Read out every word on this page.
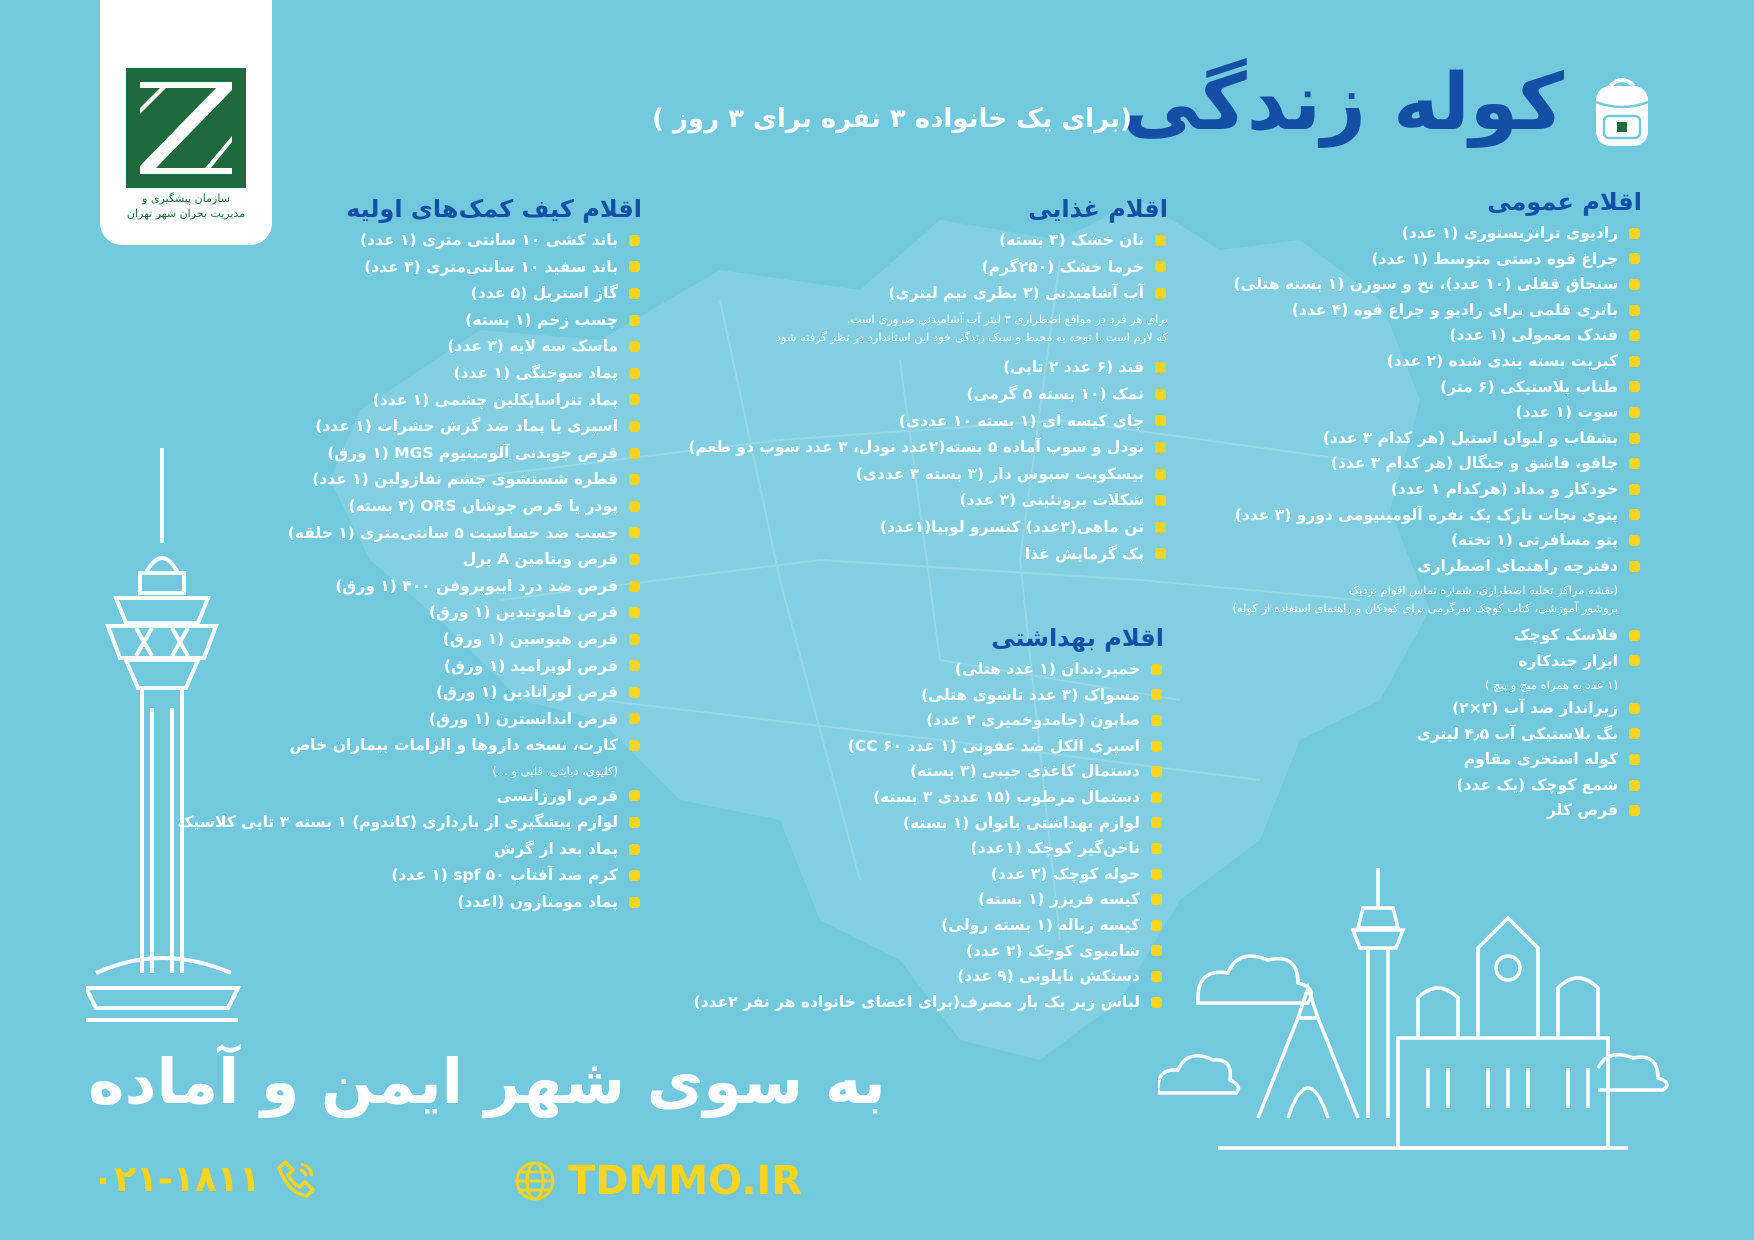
سازمان پیشگیری و
مدیریت بحران شهر تهران
کوله زندگی
(برای یک خانواده ۳ نفره برای ۳ روز )
اقلام عمومی
رادیوی ترانزیستوری (۱ عدد)
چراغ قوه دستی متوسط (۱ عدد)
سنجاق قفلی (۱۰ عدد)، نخ و سوزن (۱ بسته هتلی)
باتری قلمی برای رادیو و چراغ قوه (۴ عدد)
فندک معمولی (۱ عدد)
کبریت بسته بندی شده (۲ عدد)
طناب پلاستیکی (۶ متر)
سوت (۱ عدد)
بشقاب و لیوان استیل (هر کدام ۳ عدد)
چاقو، قاشق و چنگال (هر کدام ۳ عدد)
خودکار و مداد (هرکدام ۱ عدد)
پتوی نجات نازک یک نفره آلومینیومی دورو (۳ عدد)
پتو مسافرتی (۱ تخته)
دفترچه راهنمای اضطراری
(نقشه مراکز تخلیه اضطراری، شماره تماس اقوام نزدیک
بروشور آموزشی، کتاب کوچک سرگرمی برای کودکان و راهنمای استفاده از کوله)
فلاسک کوچک
ابزار چندکاره
(۱ عدد به همراه میخ و پیچ )
زیرانداز ضد آب (۳×۲)
بگ پلاستیکی آب ۴٫۵ لیتری
کوله استخری مقاوم
شمع کوچک (یک عدد)
قرص کلر
اقلام غذایی
نان خشک (۳ بسته)
خرما خشک (۲۵۰گرم)
آب آشامیدنی (۳ بطری نیم لیتری)
برای هر فرد در مواقع اضطراری ۳ لیتر آب آشامیدنی ضروری است.
که لازم است با توجه به محیط و سبک زندگی خود این استاندارد در نظر گرفته شود
قند (۶ عدد ۲ تایی)
نمک (۱۰ بسته ۵ گرمی)
چای کیسه ای (۱ بسته ۱۰ عددی)
نودل و سوپ آماده ۵ بسته(۲عدد نودل، ۳ عدد سوپ دو طعم)
بیسکویت سبوس دار (۳ بسته ۳ عددی)
شکلات پروتئینی (۳ عدد)
تن ماهی(۳عدد) کنسرو لوبیا(۱عدد)
پک گرمایش غذا
اقلام بهداشتی
خمیردندان (۱ عدد هتلی)
مسواک (۳ عدد تاشوی هتلی)
صابون (جامدوخمیری ۲ عدد)
اسپری الکل ضد عفونی (۱ عدد ۶۰ CC)
دستمال کاغذی جیبی (۳ بسته)
دستمال مرطوب (۱۵ عددی ۳ بسته)
لوازم بهداشتی بانوان (۱ بسته)
ناخن‌گیر کوچک (۱عدد)
حوله کوچک (۳ عدد)
کیسه فریزر (۱ بسته)
کیسه زباله (۱ بسته رولی)
شامپوی کوچک (۲ عدد)
دستکش نایلونی (۹ عدد)
لباس زیر یک بار مصرف(برای اعضای خانواده هر نفر ۲عدد)
اقلام کیف کمک‌های اولیه
باند کشی ۱۰ سانتی متری (۱ عدد)
باند سفید ۱۰ سانتی‌متری (۳ عدد)
گاز استریل (۵ عدد)
چسب زخم (۱ بسته)
ماسک سه لایه (۳ عدد)
پماد سوختگی (۱ عدد)
پماد تتراسایکلین چشمی (۱ عدد)
اسپری یا پماد ضد گزش حشرات (۱ عدد)
قرص جویدنی آلومینیوم MGS (۱ ورق)
قطره شستشوی چشم نفازولین (۱ عدد)
پودر یا قرص جوشان ORS (۳ بسته)
چسب ضد حساسیت ۵ سانتی‌متری (۱ حلقه)
قرص ویتامین A پرل
قرص ضد درد ایبوپروفن ۴۰۰ (۱ ورق)
قرص فاموتیدین (۱ ورق)
قرص هیوسین (۱ ورق)
قرص لوپرامید (۱ ورق)
قرص لوراتادین (۱ ورق)
قرص اندانسترن (۱ ورق)
کارت، نسخه داروها و الزامات بیماران خاص
(کلیوی، دیابتی، قلبی و ...)
قرص اورژانسی
لوازم پیشگیری از بارداری (کاندوم) ۱ بسته ۳ تایی کلاسیک
پماد بعد از گزش
کرم ضد آفتاب spf ۵۰ (۱ عدد)
پماد مومتازون (اعدد)
به سوی شهر ایمن و آماده
TDMMO.IR
۰۲۱-۱۸۱۱
